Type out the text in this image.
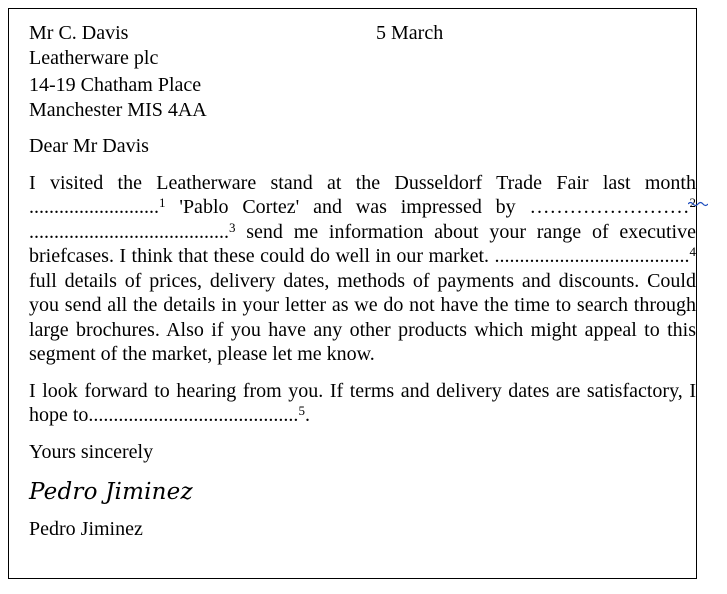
Mr C. Davis	5 March
Leatherware plc
14-19 Chatham Place
Manchester MIS 4AA
Dear Mr Davis

I visited the Leatherware stand at the Dusseldorf Trade Fair last month ..........................$^1$ 'Pablo Cortez' and was impressed by ……………………$^2$
........................................$^3$ send me information about your range of executive briefcases. I think that these could do well in our market. .......................................$^4$ full details of prices, delivery dates, methods of payments and discounts. Could you send all the details in your letter as we do not have the time to search through large brochures. Also if you have any other products which might appeal to this segment of the market, please let me know.

I look forward to hearing from you. If terms and delivery dates are satisfactory, I hope to..........................................$^5$.

Yours sincerely
Pedro Jiminez
Pedro Jiminez
